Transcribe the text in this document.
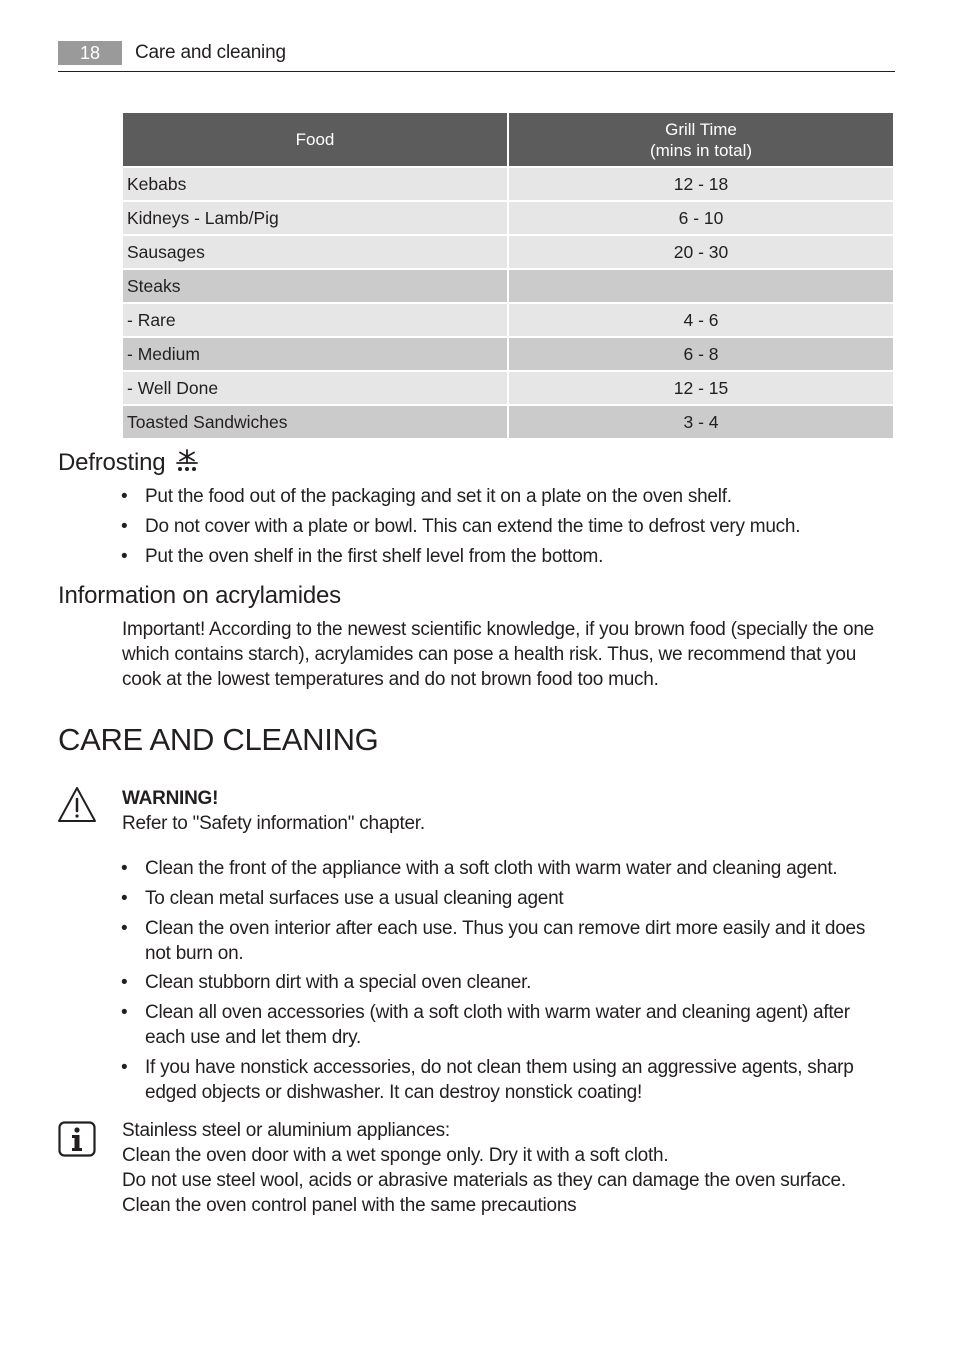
18	Care and cleaning
Food	Grill Time
(mins in total)
Kebabs	12 - 18
Kidneys - Lamb/Pig	6 - 10
Sausages	20 - 30
Steaks	
- Rare	4 - 6
- Medium	6 - 8
- Well Done	12 - 15
Toasted Sandwiches	3 - 4
Defrosting
• Put the food out of the packaging and set it on a plate on the oven shelf.
• Do not cover with a plate or bowl. This can extend the time to defrost very much.
• Put the oven shelf in the first shelf level from the bottom.
Information on acrylamides

Important! According to the newest scientific knowledge, if you brown food (specially the one which contains starch), acrylamides can pose a health risk. Thus, we recommend that you cook at the lowest temperatures and do not brown food too much.

CARE AND CLEANING

WARNING!
Refer to "Safety information" chapter.

• Clean the front of the appliance with a soft cloth with warm water and cleaning agent.
• To clean metal surfaces use a usual cleaning agent
• Clean the oven interior after each use. Thus you can remove dirt more easily and it does not burn on.
• Clean stubborn dirt with a special oven cleaner.
• Clean all oven accessories (with a soft cloth with warm water and cleaning agent) after each use and let them dry.
• If you have nonstick accessories, do not clean them using an aggressive agents, sharp edged objects or dishwasher. It can destroy nonstick coating!

Stainless steel or aluminium appliances:
Clean the oven door with a wet sponge only. Dry it with a soft cloth.
Do not use steel wool, acids or abrasive materials as they can damage the oven surface.
Clean the oven control panel with the same precautions
